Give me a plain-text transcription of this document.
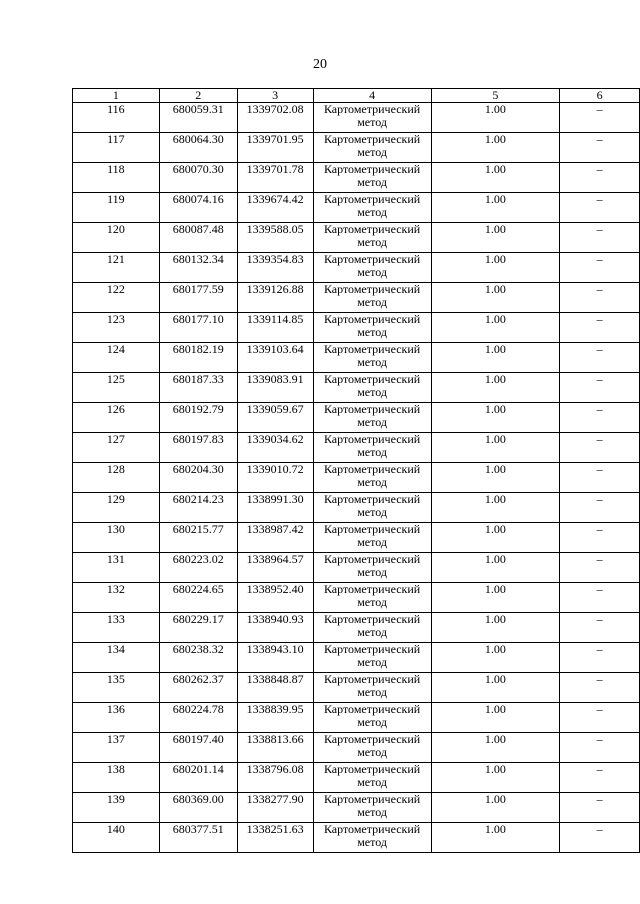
20
1	2	3	4	5	6
116	680059.31	1339702.08	Картометрический метод	1.00	–
117	680064.30	1339701.95	Картометрический метод	1.00	–
118	680070.30	1339701.78	Картометрический метод	1.00	–
119	680074.16	1339674.42	Картометрический метод	1.00	–
120	680087.48	1339588.05	Картометрический метод	1.00	–
121	680132.34	1339354.83	Картометрический метод	1.00	–
122	680177.59	1339126.88	Картометрический метод	1.00	–
123	680177.10	1339114.85	Картометрический метод	1.00	–
124	680182.19	1339103.64	Картометрический метод	1.00	–
125	680187.33	1339083.91	Картометрический метод	1.00	–
126	680192.79	1339059.67	Картометрический метод	1.00	–
127	680197.83	1339034.62	Картометрический метод	1.00	–
128	680204.30	1339010.72	Картометрический метод	1.00	–
129	680214.23	1338991.30	Картометрический метод	1.00	–
130	680215.77	1338987.42	Картометрический метод	1.00	–
131	680223.02	1338964.57	Картометрический метод	1.00	–
132	680224.65	1338952.40	Картометрический метод	1.00	–
133	680229.17	1338940.93	Картометрический метод	1.00	–
134	680238.32	1338943.10	Картометрический метод	1.00	–
135	680262.37	1338848.87	Картометрический метод	1.00	–
136	680224.78	1338839.95	Картометрический метод	1.00	–
137	680197.40	1338813.66	Картометрический метод	1.00	–
138	680201.14	1338796.08	Картометрический метод	1.00	–
139	680369.00	1338277.90	Картометрический метод	1.00	–
140	680377.51	1338251.63	Картометрический метод	1.00	–
